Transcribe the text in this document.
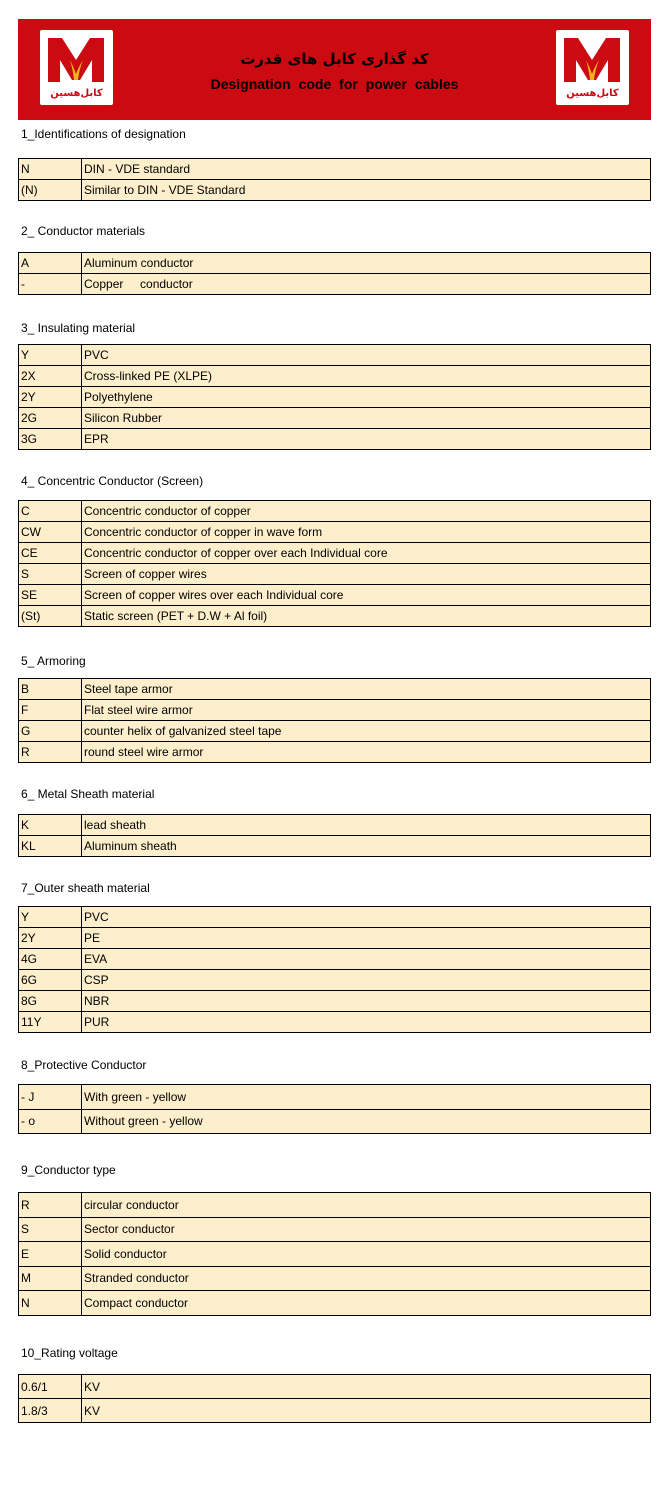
کابل‌هسین
کد گذاری کابل های قدرت
Designation code for power cables
کابل‌هسین
1_Identifications of designation
N	DIN - VDE standard
(N)	Similar to DIN - VDE Standard
2_ Conductor materials
A	Aluminum conductor
-	Copper     conductor
3_ Insulating material
Y	PVC
2X	Cross-linked PE (XLPE)
2Y	Polyethylene
2G	Silicon Rubber
3G	EPR
4_ Concentric Conductor (Screen)
C	Concentric conductor of copper
CW	Concentric conductor of copper in wave form
CE	Concentric conductor of copper over each Individual core
S	Screen of copper wires
SE	Screen of copper wires over each Individual core
(St)	Static screen (PET + D.W + Al foil)
5_ Armoring
B	Steel tape armor
F	Flat steel wire armor
G	counter helix of galvanized steel tape
R	round steel wire armor
6_ Metal Sheath material
K	lead sheath
KL	Aluminum sheath
7_Outer sheath material
Y	PVC
2Y	PE
4G	EVA
6G	CSP
8G	NBR
11Y	PUR
8_Protective Conductor
- J	With green - yellow
- o	Without green - yellow
9_Conductor type
R	circular conductor
S	Sector conductor
E	Solid conductor
M	Stranded conductor
N	Compact conductor
10_Rating voltage
0.6/1	KV
1.8/3	KV
